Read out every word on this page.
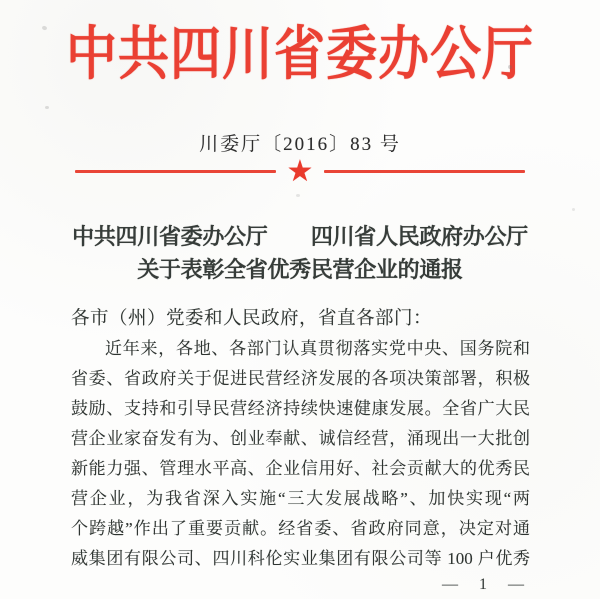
中共四川省委办公厅
川委厅〔2016〕83 号
★
中共四川省委办公厅　　四川省人民政府办公厅
关于表彰全省优秀民营企业的通报
各市（州）党委和人民政府，省直各部门：
近年来，各地、各部门认真贯彻落实党中央、国务院和
省委、省政府关于促进民营经济发展的各项决策部署，积极
鼓励、支持和引导民营经济持续快速健康发展。全省广大民
营企业家奋发有为、创业奉献、诚信经营，涌现出一大批创
新能力强、管理水平高、企业信用好、社会贡献大的优秀民
营企业，为我省深入实施“三大发展战略”、加快实现“两
个跨越”作出了重要贡献。经省委、省政府同意，决定对通
威集团有限公司、四川科伦实业集团有限公司等 100 户优秀
— 1 —
